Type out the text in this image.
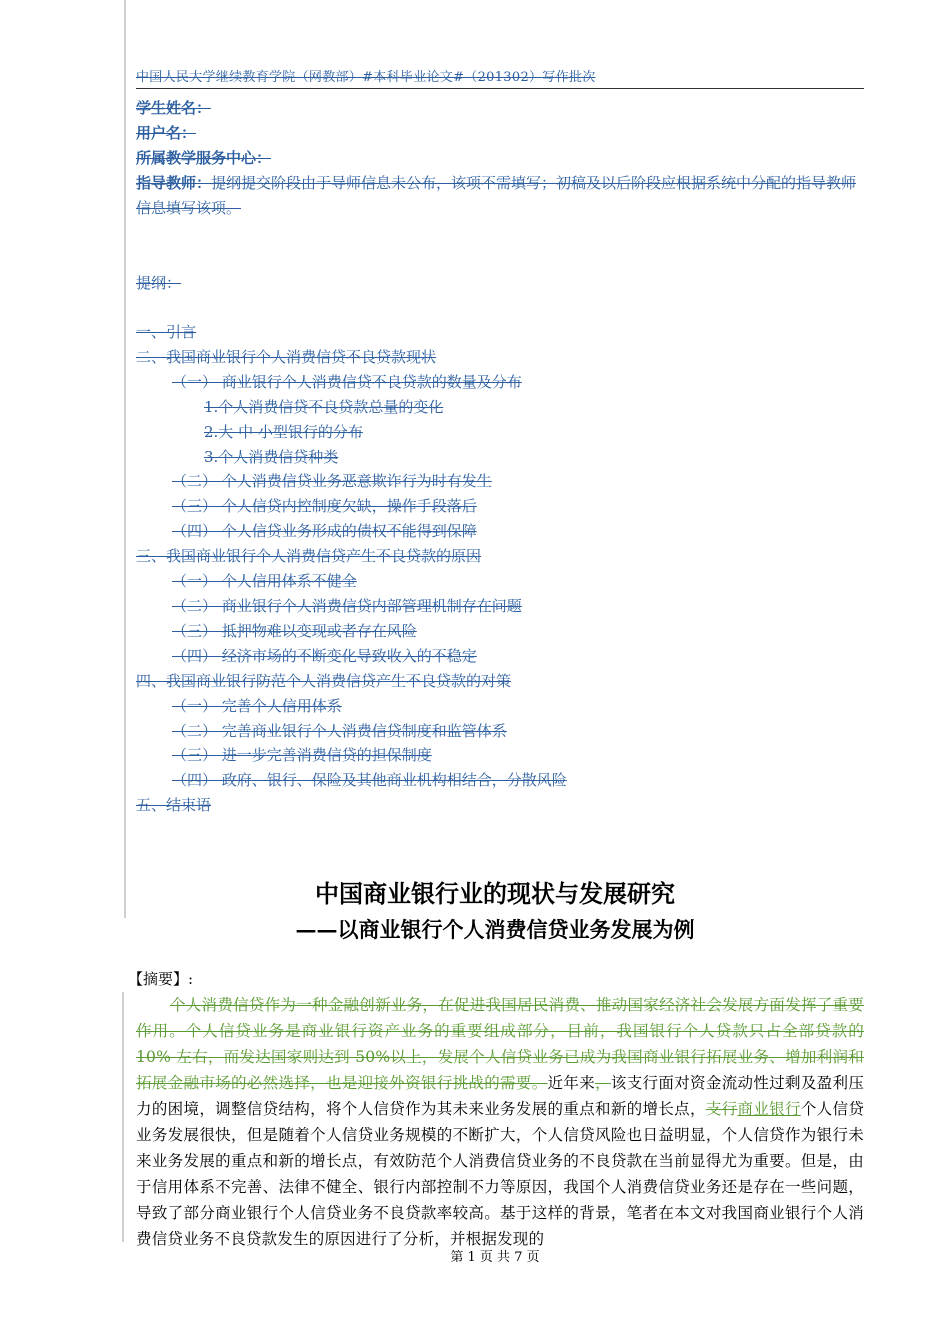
中国人民大学继续教育学院（网教部）#本科毕业论文#（201302）写作批次
学生姓名：
用户名：
所属教学服务中心：
指导教师：提纲提交阶段由于导师信息未公布，该项不需填写；初稿及以后阶段应根据系统中分配的指导教师信息填写该项。
提纲：
一、引言
二、我国商业银行个人消费信贷不良贷款现状
（一） 商业银行个人消费信贷不良贷款的数量及分布
1.个人消费信贷不良贷款总量的变化
2.大 中 小型银行的分布
3.个人消费信贷种类
（二） 个人消费信贷业务恶意欺诈行为时有发生
（三） 个人信贷内控制度欠缺，操作手段落后
（四） 个人信贷业务形成的债权不能得到保障
三、我国商业银行个人消费信贷产生不良贷款的原因
（一） 个人信用体系不健全
（二） 商业银行个人消费信贷内部管理机制存在问题
（三） 抵押物难以变现或者存在风险
（四） 经济市场的不断变化导致收入的不稳定
四、我国商业银行防范个人消费信贷产生不良贷款的对策
（一） 完善个人信用体系
（二） 完善商业银行个人消费信贷制度和监管体系
（三） 进一步完善消费信贷的担保制度
（四） 政府、银行、保险及其他商业机构相结合，分散风险
五、结束语
中国商业银行业的现状与发展研究
——以商业银行个人消费信贷业务发展为例
【摘要】:
个人消费信贷作为一种金融创新业务，在促进我国居民消费、推动国家经济社会发展方面发挥了重要作用。个人信贷业务是商业银行资产业务的重要组成部分，目前，我国银行个人贷款只占全部贷款的 10% 左右，而发达国家则达到 50%以上，发展个人信贷业务已成为我国商业银行拓展业务、增加利润和拓展金融市场的必然选择，也是迎接外资银行挑战的需要。近年来，该支行面对资金流动性过剩及盈利压力的困境，调整信贷结构，将个人信贷作为其未来业务发展的重点和新的增长点，支行商业银行个人信贷业务发展很快，但是随着个人信贷业务规模的不断扩大，个人信贷风险也日益明显，个人信贷作为银行未来业务发展的重点和新的增长点，有效防范个人消费信贷业务的不良贷款在当前显得尤为重要。但是，由于信用体系不完善、法律不健全、银行内部控制不力等原因，我国个人消费信贷业务还是存在一些问题，导致了部分商业银行个人信贷业务不良贷款率较高。基于这样的背景，笔者在本文对我国商业银行个人消费信贷业务不良贷款发生的原因进行了分析，并根据发现的
第 1 页 共 7 页
